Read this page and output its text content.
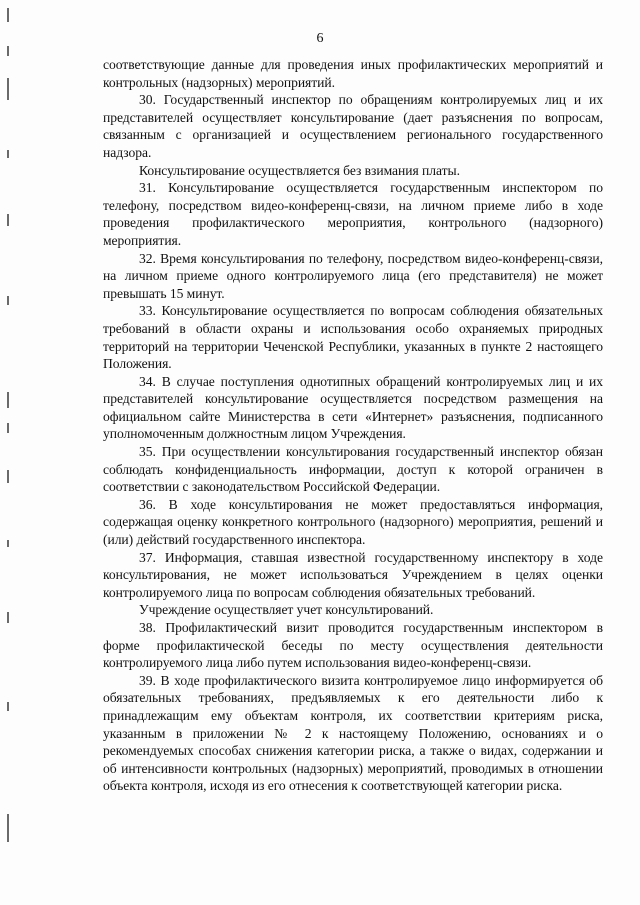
6

соответствующие данные для проведения иных профилактических мероприятий и контрольных (надзорных) мероприятий.

30. Государственный инспектор по обращениям контролируемых лиц и их представителей осуществляет консультирование (дает разъяснения по вопросам, связанным с организацией и осуществлением регионального государственного надзора.

Консультирование осуществляется без взимания платы.

31. Консультирование осуществляется государственным инспектором по телефону, посредством видео-конференц-связи, на личном приеме либо в ходе проведения профилактического мероприятия, контрольного (надзорного) мероприятия.

32. Время консультирования по телефону, посредством видео-конференц-связи, на личном приеме одного контролируемого лица (его представителя) не может превышать 15 минут.

33. Консультирование осуществляется по вопросам соблюдения обязательных требований в области охраны и использования особо охраняемых природных территорий на территории Чеченской Республики, указанных в пункте 2 настоящего Положения.

34. В случае поступления однотипных обращений контролируемых лиц и их представителей консультирование осуществляется посредством размещения на официальном сайте Министерства в сети «Интернет» разъяснения, подписанного уполномоченным должностным лицом Учреждения.

35. При осуществлении консультирования государственный инспектор обязан соблюдать конфиденциальность информации, доступ к которой ограничен в соответствии с законодательством Российской Федерации.

36. В ходе консультирования не может предоставляться информация, содержащая оценку конкретного контрольного (надзорного) мероприятия, решений и (или) действий государственного инспектора.

37. Информация, ставшая известной государственному инспектору в ходе консультирования, не может использоваться Учреждением в целях оценки контролируемого лица по вопросам соблюдения обязательных требований.

Учреждение осуществляет учет консультирований.

38. Профилактический визит проводится государственным инспектором в форме профилактической беседы по месту осуществления деятельности контролируемого лица либо путем использования видео-конференц-связи.

39. В ходе профилактического визита контролируемое лицо информируется об обязательных требованиях, предъявляемых к его деятельности либо к принадлежащим ему объектам контроля, их соответствии критериям риска, указанным в приложении № 2 к настоящему Положению, основаниях и о рекомендуемых способах снижения категории риска, а также о видах, содержании и об интенсивности контрольных (надзорных) мероприятий, проводимых в отношении объекта контроля, исходя из его отнесения к соответствующей категории риска.
